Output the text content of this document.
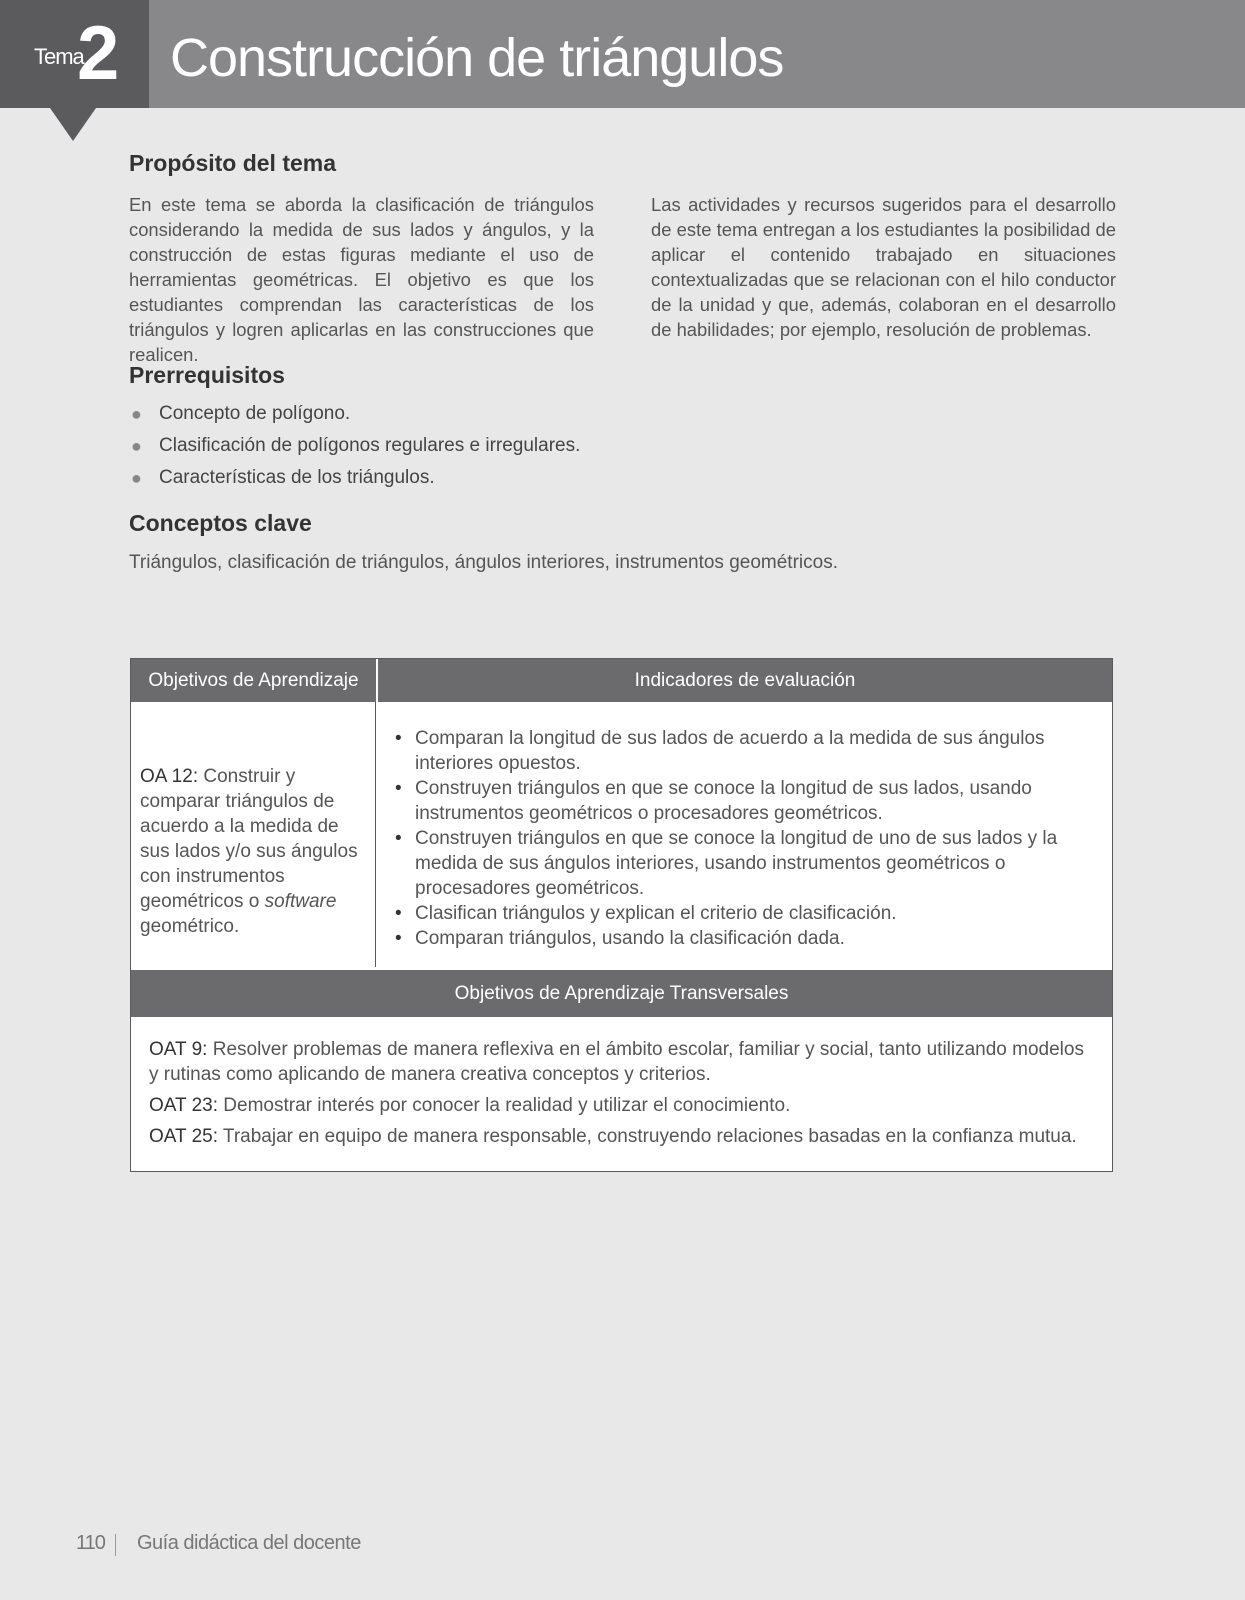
Tema
2 Construcción de triángulos
Propósito del tema

En este tema se aborda la clasificación de triángulos considerando la medida de sus lados y ángulos, y la construcción de estas figuras mediante el uso de herramientas geométricas. El objetivo es que los estudiantes comprendan las características de los triángulos y logren aplicarlas en las construcciones que realicen.

Las actividades y recursos sugeridos para el desarrollo de este tema entregan a los estudiantes la posibilidad de aplicar el contenido trabajado en situaciones contextualizadas que se relacionan con el hilo conductor de la unidad y que, además, colaboran en el desarrollo de habilidades; por ejemplo, resolución de problemas.

Prerrequisitos
● Concepto de polígono.
● Clasificación de polígonos regulares e irregulares.
● Características de los triángulos.
Conceptos clave

Triángulos, clasificación de triángulos, ángulos interiores, instrumentos geométricos.

Objetivos de Aprendizaje	Indicadores de evaluación

OA 12: Construir y comparar triángulos de acuerdo a la medida de sus lados y/o sus ángulos con instrumentos geométricos o software geométrico.

• Comparan la longitud de sus lados de acuerdo a la medida de sus ángulos interiores opuestos.
• Construyen triángulos en que se conoce la longitud de sus lados, usando instrumentos geométricos o procesadores geométricos.
• Construyen triángulos en que se conoce la longitud de uno de sus lados y la medida de sus ángulos interiores, usando instrumentos geométricos o procesadores geométricos.
• Clasifican triángulos y explican el criterio de clasificación.
• Comparan triángulos, usando la clasificación dada.
Objetivos de Aprendizaje Transversales
OAT 9: Resolver problemas de manera reflexiva en el ámbito escolar, familiar y social, tanto utilizando modelos y rutinas como aplicando de manera creativa conceptos y criterios.
OAT 23: Demostrar interés por conocer la realidad y utilizar el conocimiento.
OAT 25: Trabajar en equipo de manera responsable, construyendo relaciones basadas en la confianza mutua.
110 Guía didáctica del docente
